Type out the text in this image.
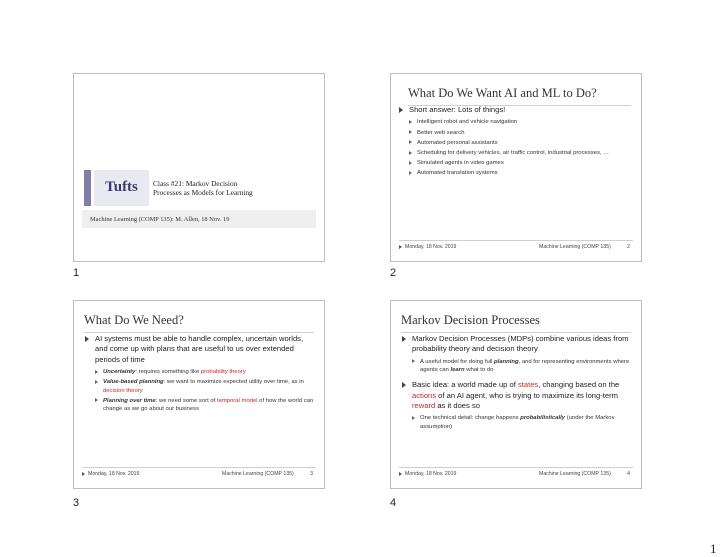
Tufts	Class #21: Markov Decision
Processes as Models for Learning
Machine Learning (COMP 135): M. Allen, 18 Nov. 19
1
What Do We Want AI and ML to Do?
Short answer: Lots of things!
Intelligent robot and vehicle navigation
Better web search
Automated personal assistants
Scheduling for delivery vehicles, air traffic control, industrial processes, …
Simulated agents in video games
Automated translation systems
Monday, 18 Nov. 2019	Machine Learning (COMP 135)	2
2
What Do We Need?
AI systems must be able to handle complex, uncertain worlds, and come up with plans that are useful to us over extended periods of time
Uncertainty: requires something like probability theory
Value-based planning: we want to maximize expected utility over time, as in decision theory
Planning over time: we need some sort of temporal model of how the world can change as we go about our business
Monday, 18 Nov. 2019	Machine Learning (COMP 135)	3
3
Markov Decision Processes
Markov Decision Processes (MDPs) combine various ideas from probability theory and decision theory
A useful model for doing full planning, and for representing environments where agents can learn what to do
Basic idea: a world made up of states, changing based on the actions of an AI agent, who is trying to maximize its long-term reward as it does so
One technical detail: change happens probabilistically (under the Markov assumption)
Monday, 18 Nov. 2019	Machine Learning (COMP 135)	4
4
1
